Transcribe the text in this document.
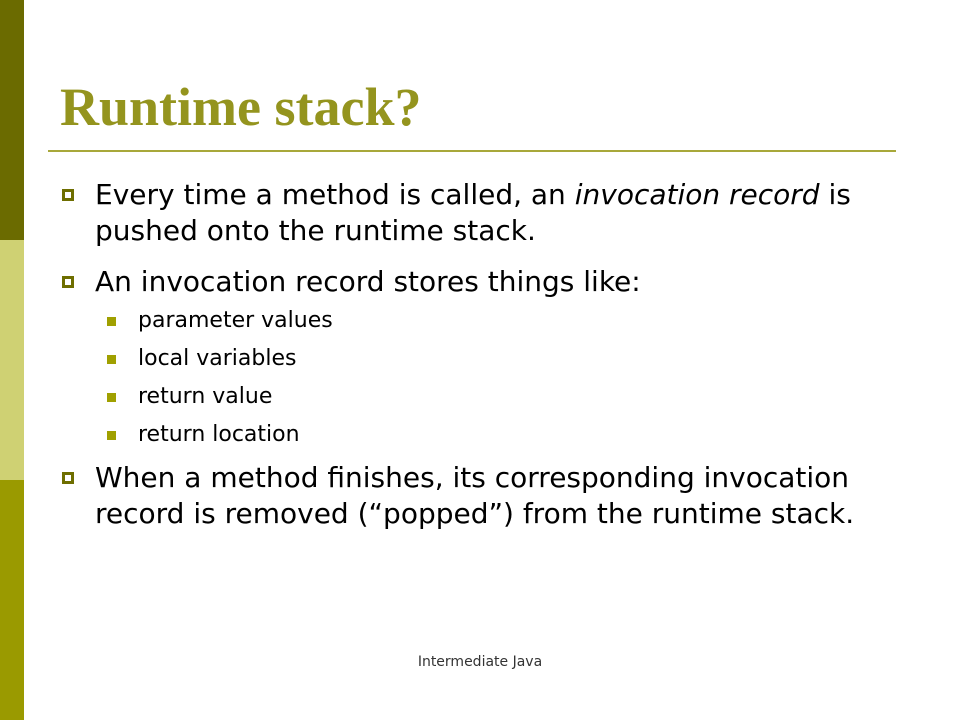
Runtime stack?
Every time a method is called, an invocation record is pushed onto the runtime stack.
An invocation record stores things like:
parameter values
local variables
return value
return location
When a method finishes, its corresponding invocation record is removed (“popped”) from the runtime stack.
Intermediate Java
